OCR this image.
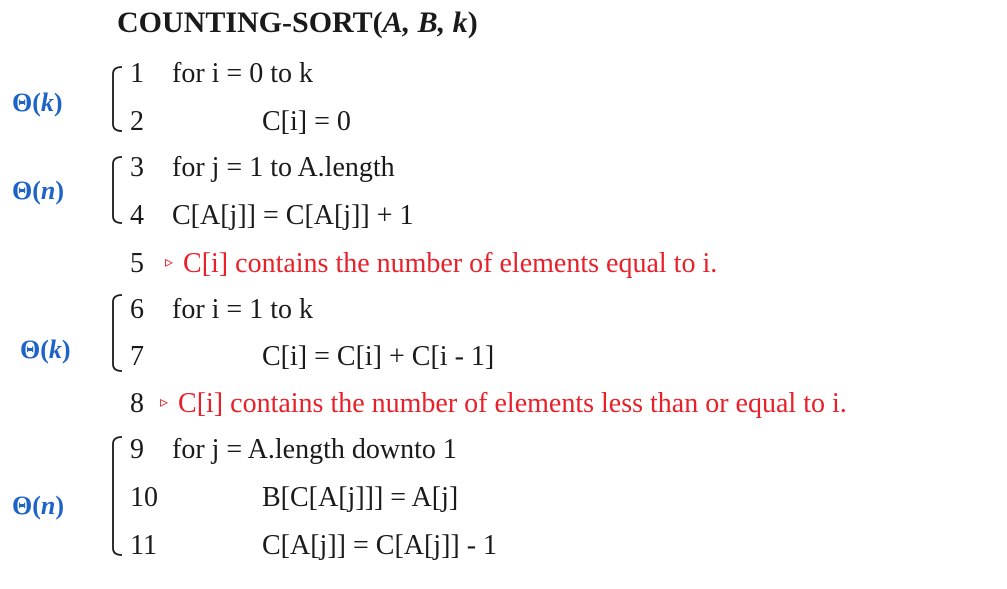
COUNTING-SORT(A, B, k)
Θ(k)
Θ(n)
Θ(k)
Θ(n)
1 for i = 0 to k
2	C[i] = 0
3 for j = 1 to A.length
4 C[A[j]] = C[A[j]] + 1
5 ▹ C[i] contains the number of elements equal to i.
6 for i = 1 to k
7	C[i] = C[i] + C[i - 1]
8 ▹ C[i] contains the number of elements less than or equal to i.
9 for j = A.length downto 1
10	B[C[A[j]]] = A[j]
11	C[A[j]] = C[A[j]] - 1
